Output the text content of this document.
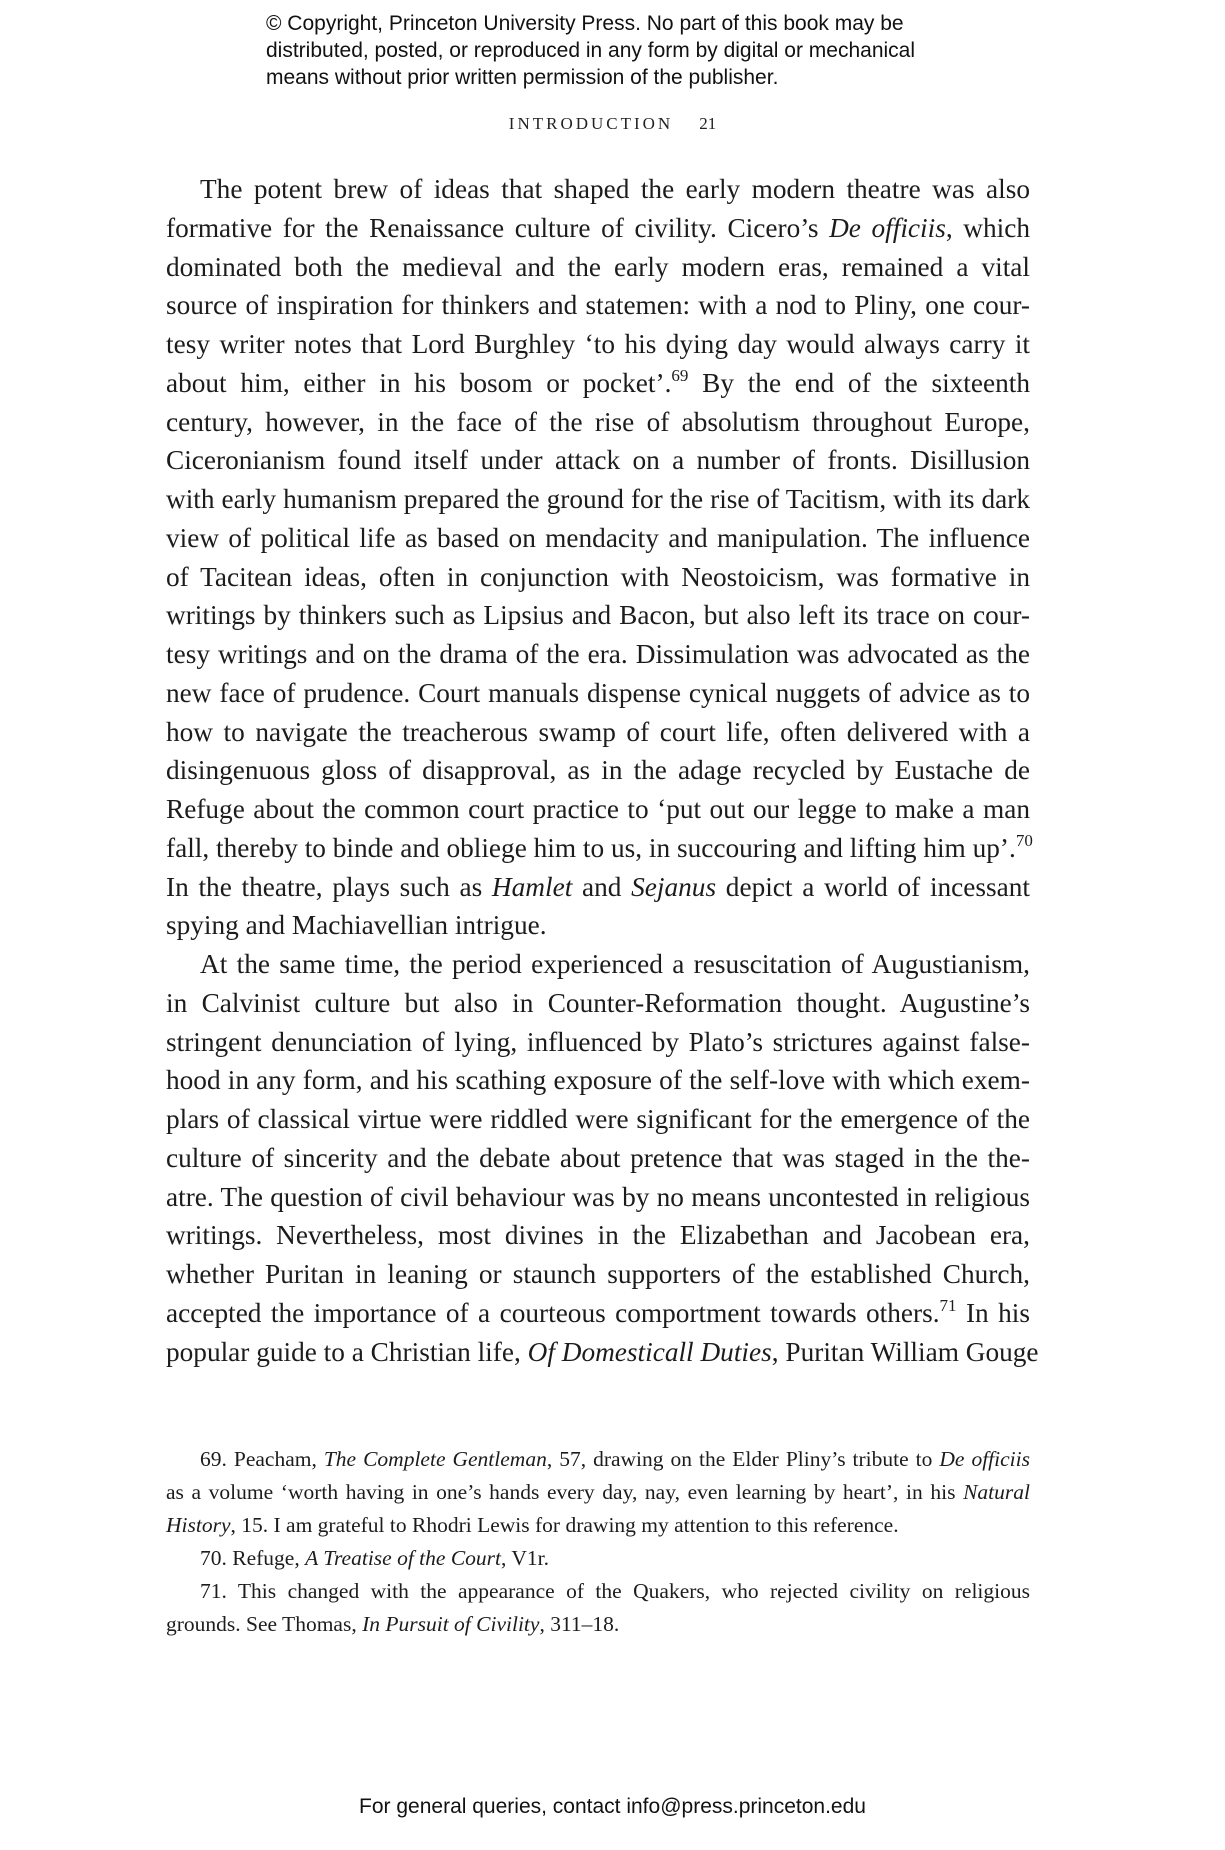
© Copyright, Princeton University Press. No part of this book may be
distributed, posted, or reproduced in any form by digital or mechanical
means without prior written permission of the publisher.
INTRODUCTION 21
The potent brew of ideas that shaped the early modern theatre was also
formative for the Renaissance culture of civility. Cicero’s De officiis, which
dominated both the medieval and the early modern eras, remained a vital
source of inspiration for thinkers and statemen: with a nod to Pliny, one cour-
tesy writer notes that Lord Burghley ‘to his dying day would always carry it
about him, either in his bosom or pocket’.$^{69}$ By the end of the sixteenth
century, however, in the face of the rise of absolutism throughout Europe,
Ciceronianism found itself under attack on a number of fronts. Disillusion
with early humanism prepared the ground for the rise of Tacitism, with its dark
view of political life as based on mendacity and manipulation. The influence
of Tacitean ideas, often in conjunction with Neostoicism, was formative in
writings by thinkers such as Lipsius and Bacon, but also left its trace on cour-
tesy writings and on the drama of the era. Dissimulation was advocated as the
new face of prudence. Court manuals dispense cynical nuggets of advice as to
how to navigate the treacherous swamp of court life, often delivered with a
disingenuous gloss of disapproval, as in the adage recycled by Eustache de
Refuge about the common court practice to ‘put out our legge to make a man
fall, thereby to binde and obliege him to us, in succouring and lifting him up’.$^{70}$
In the theatre, plays such as Hamlet and Sejanus depict a world of incessant
spying and Machiavellian intrigue.
At the same time, the period experienced a resuscitation of Augustianism,
in Calvinist culture but also in Counter-Reformation thought. Augustine’s
stringent denunciation of lying, influenced by Plato’s strictures against false-
hood in any form, and his scathing exposure of the self-love with which exem-
plars of classical virtue were riddled were significant for the emergence of the
culture of sincerity and the debate about pretence that was staged in the the-
atre. The question of civil behaviour was by no means uncontested in religious
writings. Nevertheless, most divines in the Elizabethan and Jacobean era,
whether Puritan in leaning or staunch supporters of the established Church,
accepted the importance of a courteous comportment towards others.$^{71}$ In his
popular guide to a Christian life, Of Domesticall Duties, Puritan William Gouge
69. Peacham, The Complete Gentleman, 57, drawing on the Elder Pliny’s tribute to De officiis
as a volume ‘worth having in one’s hands every day, nay, even learning by heart’, in his Natural
History, 15. I am grateful to Rhodri Lewis for drawing my attention to this reference.
70. Refuge, A Treatise of the Court, V1r.
71. This changed with the appearance of the Quakers, who rejected civility on religious
grounds. See Thomas, In Pursuit of Civility, 311–18.
For general queries, contact info@press.princeton.edu
